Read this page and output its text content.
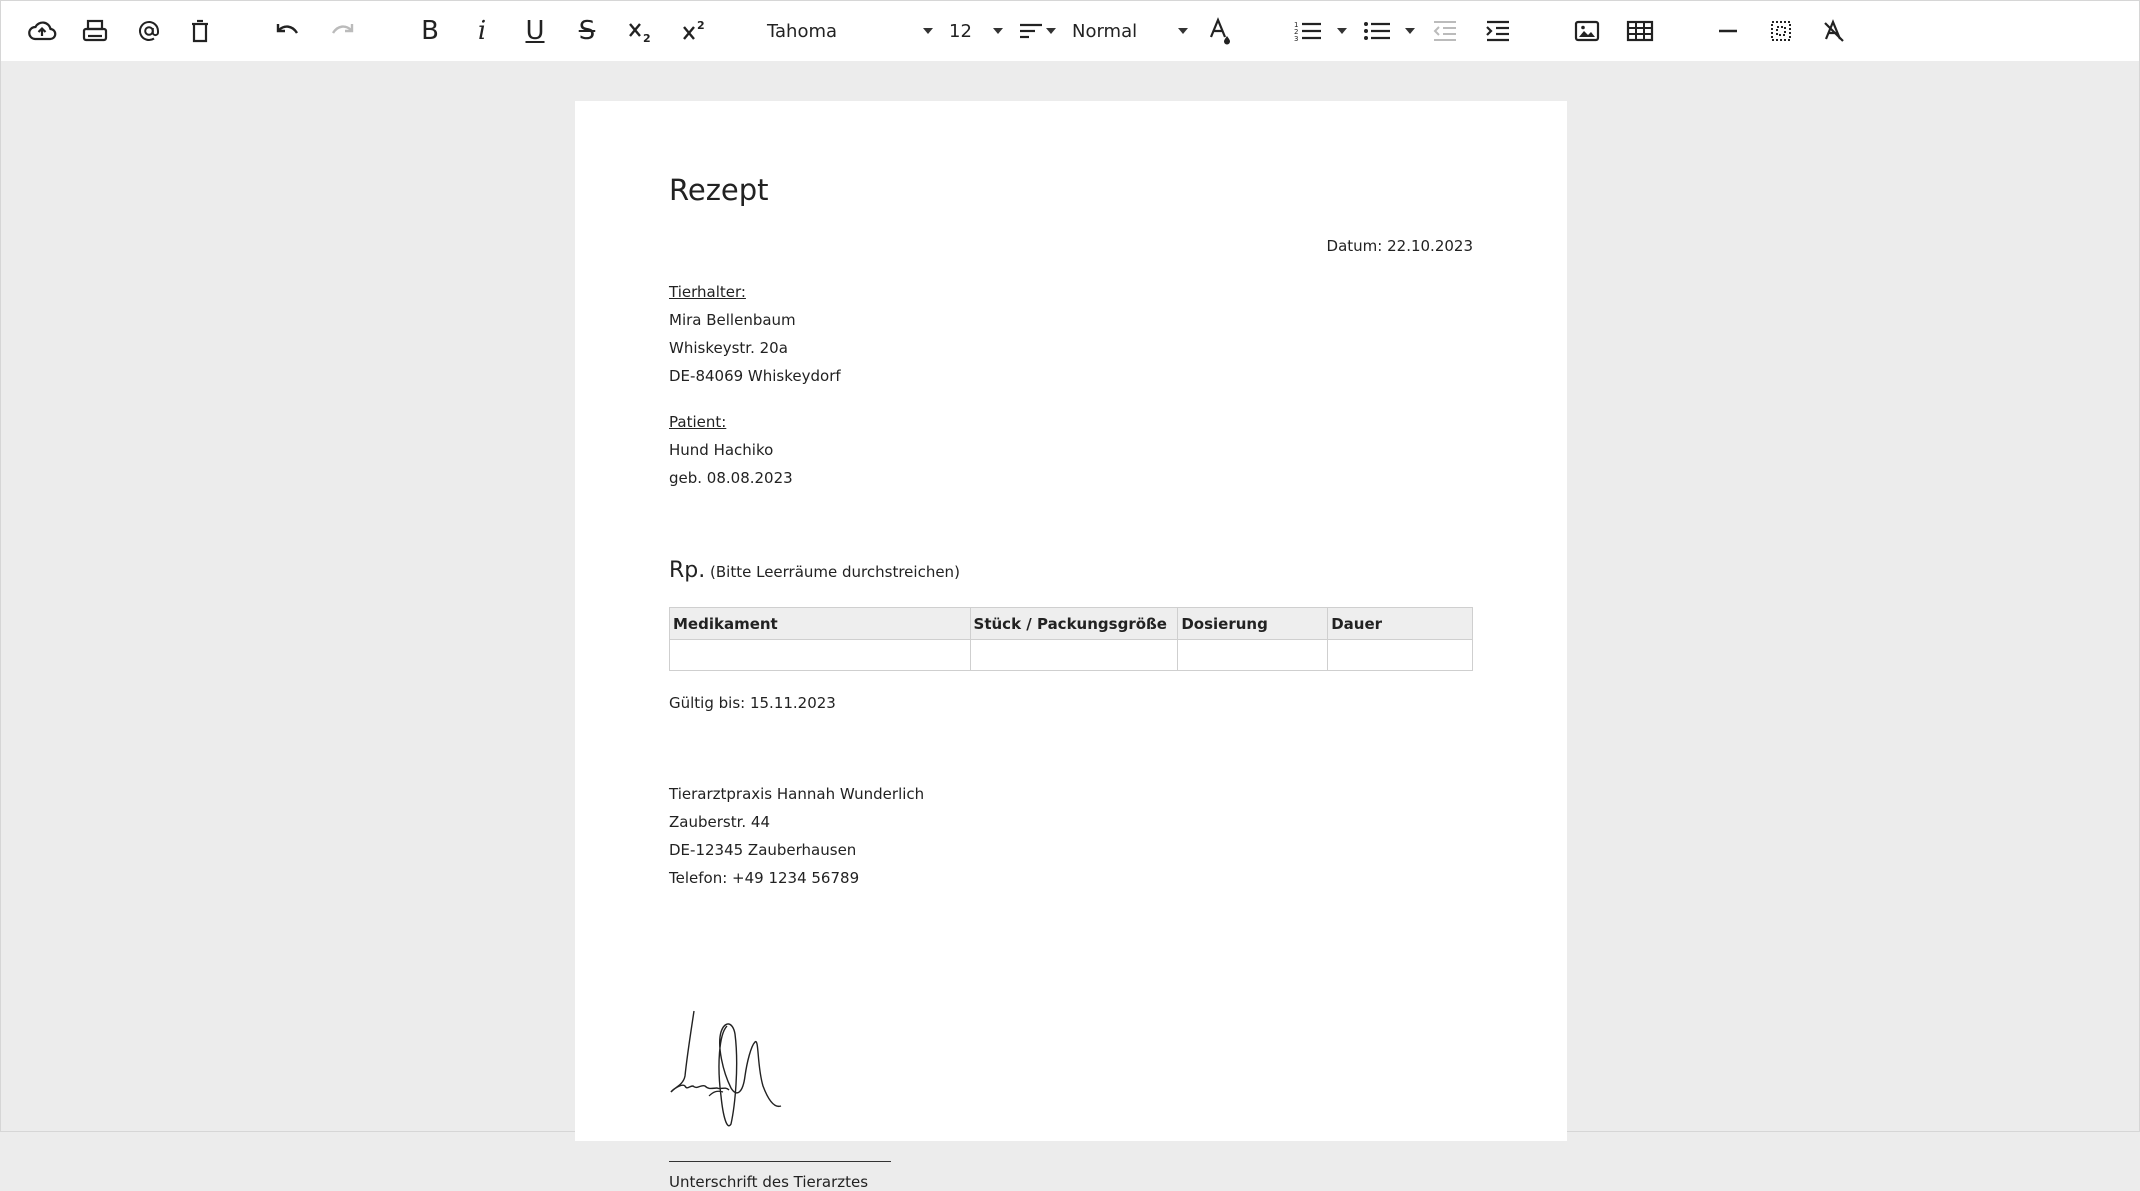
B i U S	2
2	Tahoma	12	Normal	1
2
3
Rezept
Datum: 22.10.2023
Tierhalter:
Mira Bellenbaum
Whiskeystr. 20a
DE-84069 Whiskeydorf
Patient:
Hund Hachiko
geb. 08.08.2023
Rp. (Bitte Leerräume durchstreichen)
Medikament	Stück / Packungsgröße	Dosierung	Dauer

Gültig bis: 15.11.2023
Tierarztpraxis Hannah Wunderlich
Zauberstr. 44
DE-12345 Zauberhausen
Telefon: +49 1234 56789
Unterschrift des Tierarztes
